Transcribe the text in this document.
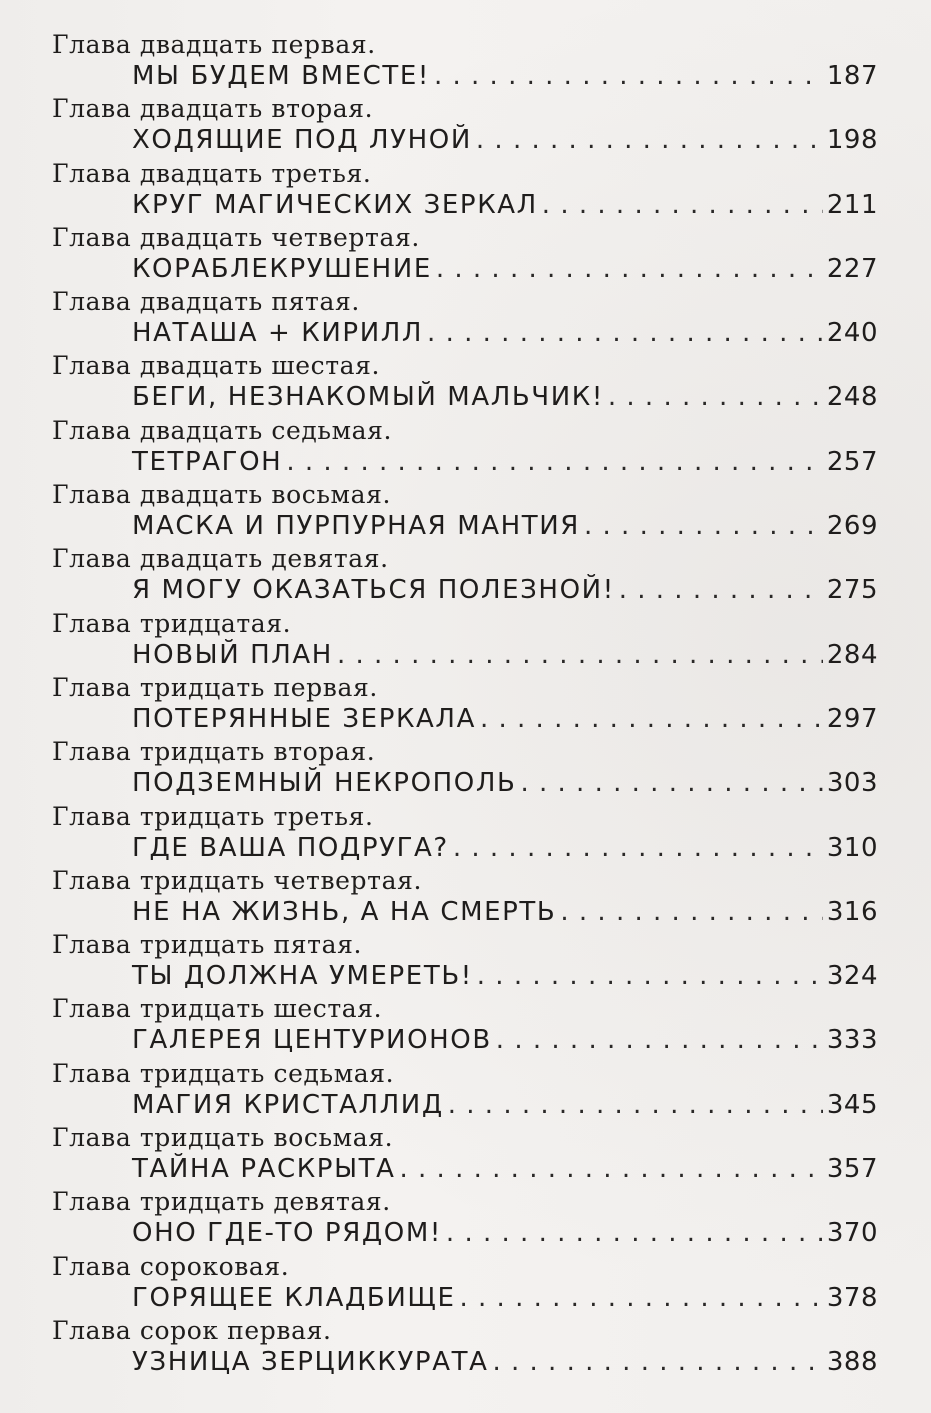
Глава двадцать первая.
МЫ БУДЕМ ВМЕСТЕ! . . .	187
Глава двадцать вторая.
ХОДЯЩИЕ ПОД ЛУНОЙ . . .	198
Глава двадцать третья.
КРУГ МАГИЧЕСКИХ ЗЕРКАЛ . . .	211
Глава двадцать четвертая.
КОРАБЛЕКРУШЕНИЕ . . .	227
Глава двадцать пятая.
НАТАША + КИРИЛЛ . . .	240
Глава двадцать шестая.
БЕГИ, НЕЗНАКОМЫЙ МАЛЬЧИК! . . .	248
Глава двадцать седьмая.
ТЕТРАГОН . . .	257
Глава двадцать восьмая.
МАСКА И ПУРПУРНАЯ МАНТИЯ . . .	269
Глава двадцать девятая.
Я МОГУ ОКАЗАТЬСЯ ПОЛЕЗНОЙ! . . .	275
Глава тридцатая.
НОВЫЙ ПЛАН . . .	284
Глава тридцать первая.
ПОТЕРЯННЫЕ ЗЕРКАЛА . . .	297
Глава тридцать вторая.
ПОДЗЕМНЫЙ НЕКРОПОЛЬ . . .	303
Глава тридцать третья.
ГДЕ ВАША ПОДРУГА? . . .	310
Глава тридцать четвертая.
НЕ НА ЖИЗНЬ, А НА СМЕРТЬ . . .	316
Глава тридцать пятая.
ТЫ ДОЛЖНА УМЕРЕТЬ! . . .	324
Глава тридцать шестая.
ГАЛЕРЕЯ ЦЕНТУРИОНОВ . . .	333
Глава тридцать седьмая.
МАГИЯ КРИСТАЛЛИД . . .	345
Глава тридцать восьмая.
ТАЙНА РАСКРЫТА . . .	357
Глава тридцать девятая.
ОНО ГДЕ-ТО РЯДОМ! . . .	370
Глава сороковая.
ГОРЯЩЕЕ КЛАДБИЩЕ . . .	378
Глава сорок первая.
УЗНИЦА ЗЕРЦИККУРАТА . . .	388
